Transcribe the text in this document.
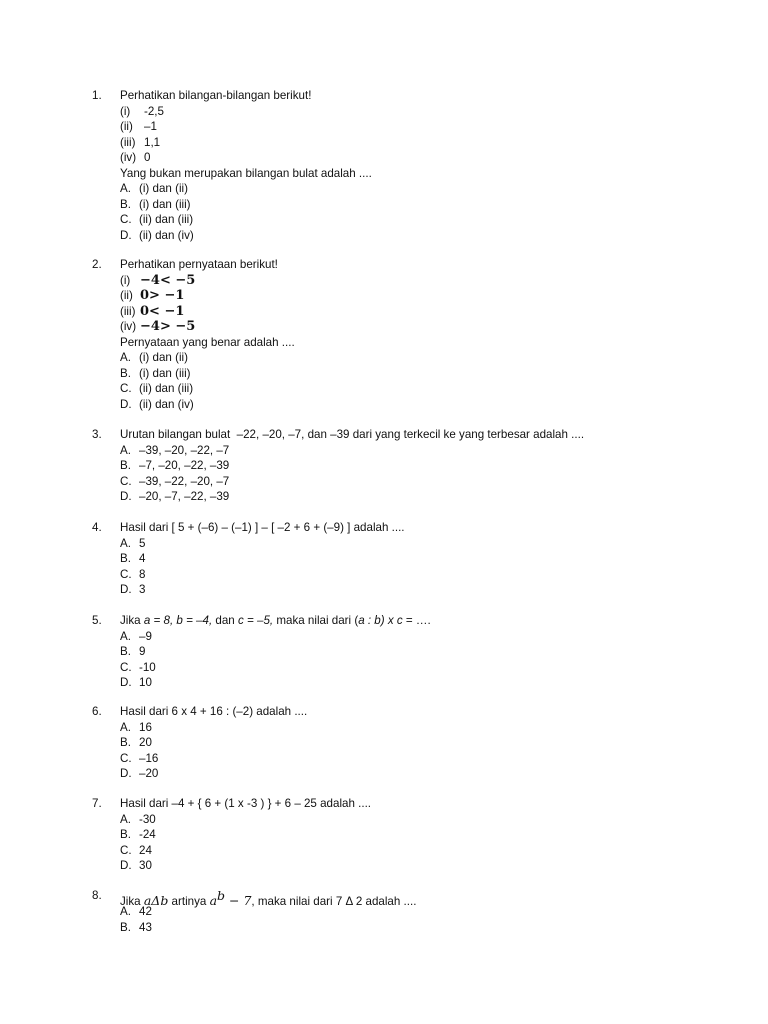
1. Perhatikan bilangan-bilangan berikut!
(i) -2,5
(ii) –1
(iii) 1,1
(iv) 0
Yang bukan merupakan bilangan bulat adalah ....
A. (i) dan (ii)
B. (i) dan (iii)
C. (ii) dan (iii)
D. (ii) dan (iv)
2. Perhatikan pernyataan berikut!
(i) −4< −5
(ii) 0> −1
(iii) 0< −1
(iv) −4> −5
Pernyataan yang benar adalah ....
A. (i) dan (ii)
B. (i) dan (iii)
C. (ii) dan (iii)
D. (ii) dan (iv)
3. Urutan bilangan bulat  –22, –20, –7, dan –39 dari yang terkecil ke yang terbesar adalah ....
A. –39, –20, –22, –7
B. –7, –20, –22, –39
C. –39, –22, –20, –7
D. –20, –7, –22, –39
4. Hasil dari [ 5 + (–6) – (–1) ] – [ –2 + 6 + (–9) ] adalah ....
A. 5
B. 4
C. 8
D. 3
5. Jika a = 8, b = –4, dan c = –5, maka nilai dari (a : b) x c = ….
A. –9
B. 9
C. -10
D. 10
6. Hasil dari 6 x 4 + 16 : (–2) adalah ....
A. 16
B. 20
C. –16
D. –20
7. Hasil dari –4 + { 6 + (1 x -3 ) } + 6 – 25 adalah ....
A. -30
B. -24
C. 24
D. 30
8. Jika aΔb artinya $a^b - 7$, maka nilai dari 7 Δ 2 adalah ....
A. 42
B. 43
